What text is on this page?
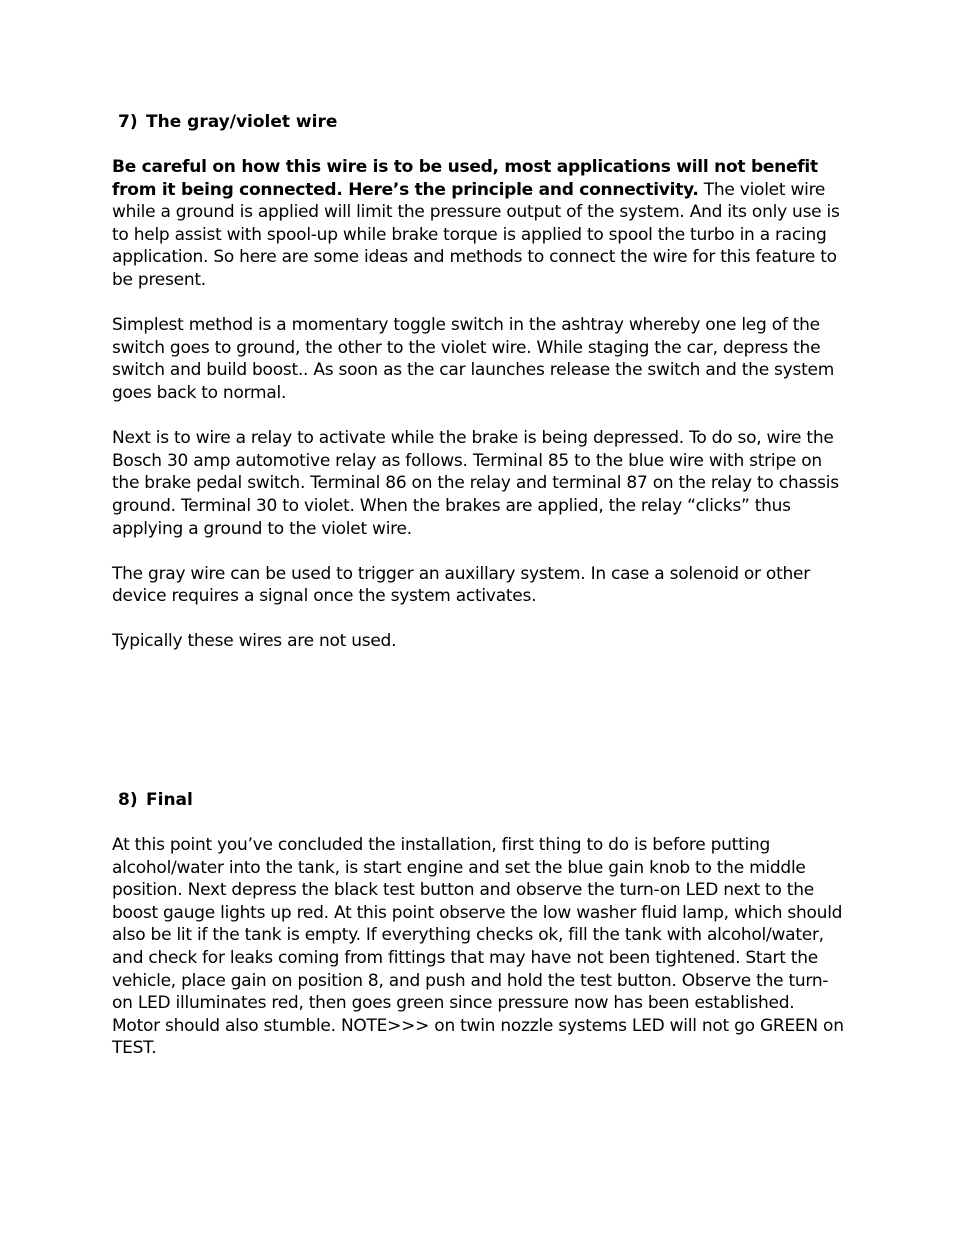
7) The gray/violet wire

Be careful on how this wire is to be used, most applications will not benefit from it being connected. Here’s the principle and connectivity. The violet wire while a ground is applied will limit the pressure output of the system. And its only use is to help assist with spool-up while brake torque is applied to spool the turbo in a racing application. So here are some ideas and methods to connect the wire for this feature to be present.

Simplest method is a momentary toggle switch in the ashtray whereby one leg of the switch goes to ground, the other to the violet wire. While staging the car, depress the switch and build boost.. As soon as the car launches release the switch and the system goes back to normal.

Next is to wire a relay to activate while the brake is being depressed. To do so, wire the Bosch 30 amp automotive relay as follows. Terminal 85 to the blue wire with stripe on the brake pedal switch. Terminal 86 on the relay and terminal 87 on the relay to chassis ground. Terminal 30 to violet. When the brakes are applied, the relay “clicks” thus applying a ground to the violet wire.

The gray wire can be used to trigger an auxillary system. In case a solenoid or other device requires a signal once the system activates.

Typically these wires are not used.

8) Final

At this point you’ve concluded the installation, first thing to do is before putting alcohol/water into the tank, is start engine and set the blue gain knob to the middle position. Next depress the black test button and observe the turn-on LED next to the boost gauge lights up red. At this point observe the low washer fluid lamp, which should also be lit if the tank is empty. If everything checks ok, fill the tank with alcohol/water, and check for leaks coming from fittings that may have not been tightened. Start the vehicle, place gain on position 8, and push and hold the test button. Observe the turn-on LED illuminates red, then goes green since pressure now has been established. Motor should also stumble. NOTE>>> on twin nozzle systems LED will not go GREEN on TEST.
